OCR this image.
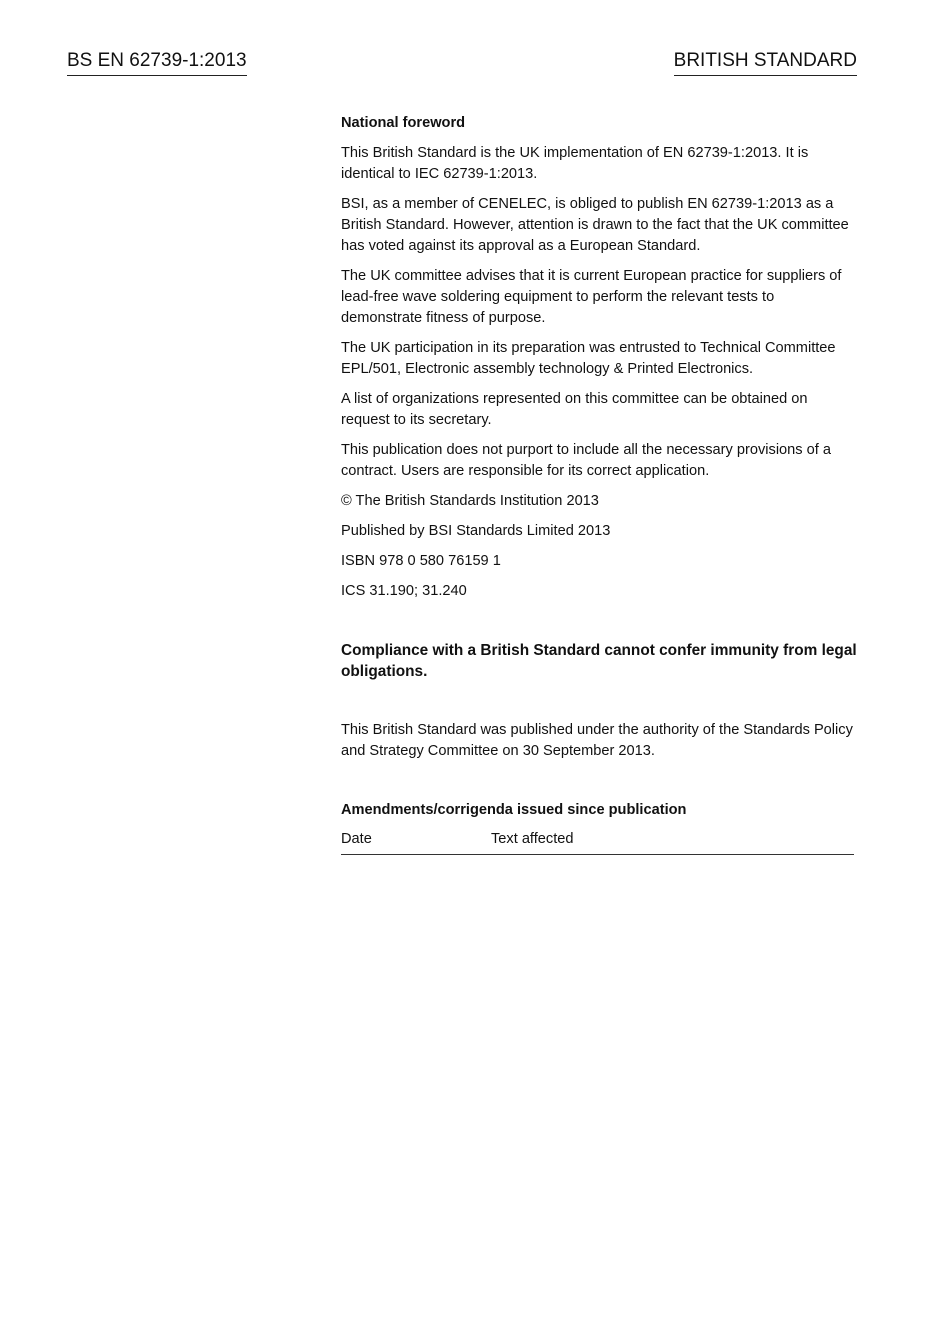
BS EN 62739-1:2013	BRITISH STANDARD

National foreword

This British Standard is the UK implementation of EN 62739-1:2013. It is identical to IEC 62739-1:2013.

BSI, as a member of CENELEC, is obliged to publish EN 62739-1:2013 as a British Standard. However, attention is drawn to the fact that the UK committee has voted against its approval as a European Standard.

The UK committee advises that it is current European practice for suppliers of lead-free wave soldering equipment to perform the relevant tests to demonstrate fitness of purpose.

The UK participation in its preparation was entrusted to Technical Committee EPL/501, Electronic assembly technology & Printed Electronics.

A list of organizations represented on this committee can be obtained on request to its secretary.

This publication does not purport to include all the necessary provisions of a contract. Users are responsible for its correct application.

© The British Standards Institution 2013

Published by BSI Standards Limited 2013

ISBN 978 0 580 76159 1

ICS 31.190; 31.240

Compliance with a British Standard cannot confer immunity from legal obligations.

This British Standard was published under the authority of the Standards Policy and Strategy Committee on 30 September 2013.

Amendments/corrigenda issued since publication

Date	Text affected
